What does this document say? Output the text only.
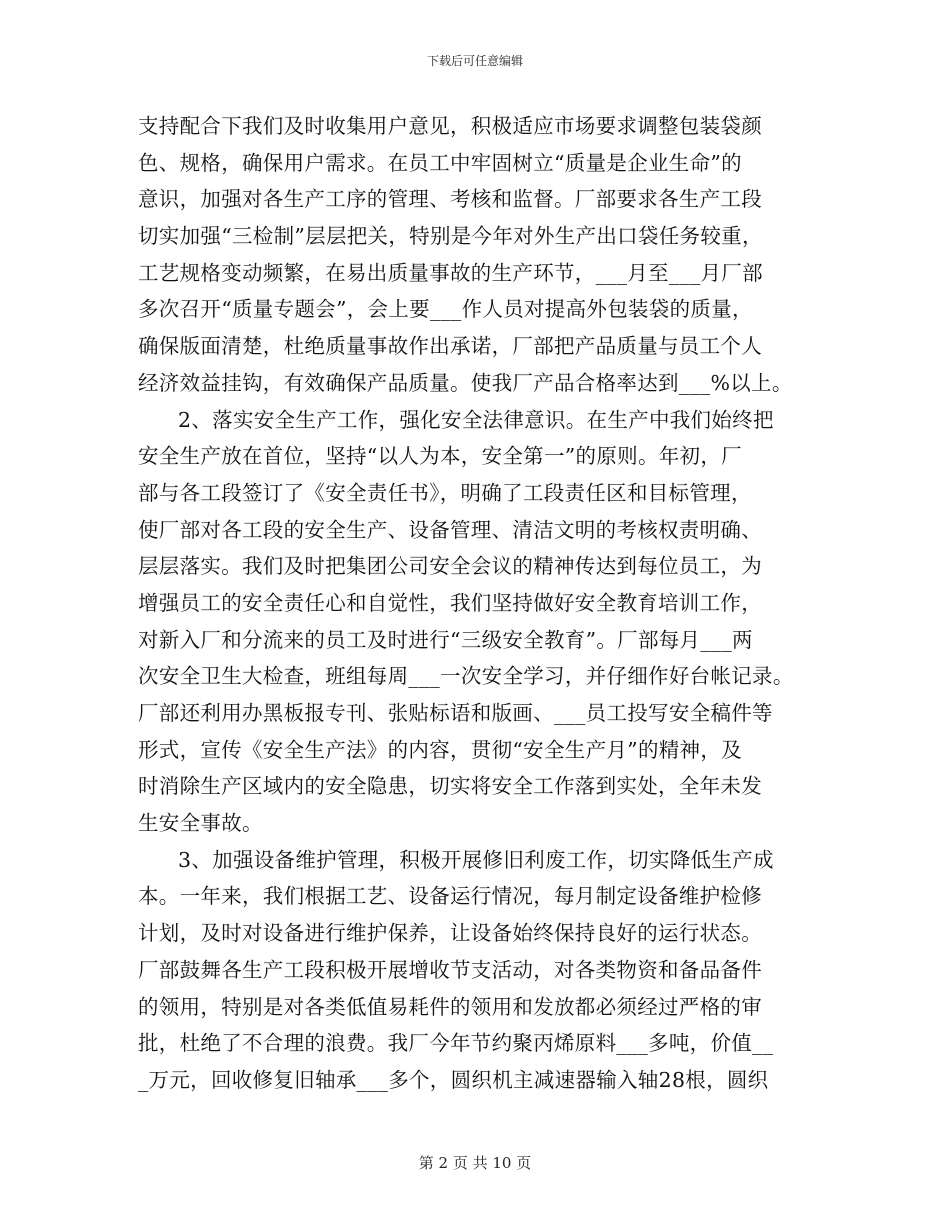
下载后可任意编辑
支持配合下我们及时收集用户意见，积极适应市场要求调整包装袋颜
色、规格，确保用户需求。在员工中牢固树立“质量是企业生命”的
意识，加强对各生产工序的管理、考核和监督。厂部要求各生产工段
切实加强“三检制”层层把关，特别是今年对外生产出口袋任务较重，
工艺规格变动频繁，在易出质量事故的生产环节，___月至___月厂部
多次召开“质量专题会”，会上要___作人员对提高外包装袋的质量，
确保版面清楚，杜绝质量事故作出承诺，厂部把产品质量与员工个人
经济效益挂钩，有效确保产品质量。使我厂产品合格率达到___%以上。
2、落实安全生产工作，强化安全法律意识。在生产中我们始终把
安全生产放在首位，坚持“以人为本，安全第一”的原则。年初，厂
部与各工段签订了《安全责任书》，明确了工段责任区和目标管理，
使厂部对各工段的安全生产、设备管理、清洁文明的考核权责明确、
层层落实。我们及时把集团公司安全会议的精神传达到每位员工，为
增强员工的安全责任心和自觉性，我们坚持做好安全教育培训工作，
对新入厂和分流来的员工及时进行“三级安全教育”。厂部每月___两
次安全卫生大检查，班组每周___一次安全学习，并仔细作好台帐记录。
厂部还利用办黑板报专刊、张贴标语和版画、___员工投写安全稿件等
形式，宣传《安全生产法》的内容，贯彻“安全生产月”的精神，及
时消除生产区域内的安全隐患，切实将安全工作落到实处，全年未发
生安全事故。
3、加强设备维护管理，积极开展修旧利废工作，切实降低生产成
本。一年来，我们根据工艺、设备运行情况，每月制定设备维护检修
计划，及时对设备进行维护保养，让设备始终保持良好的运行状态。
厂部鼓舞各生产工段积极开展增收节支活动，对各类物资和备品备件
的领用，特别是对各类低值易耗件的领用和发放都必须经过严格的审
批，杜绝了不合理的浪费。我厂今年节约聚丙烯原料___多吨，价值__
_万元，回收修复旧轴承___多个，圆织机主减速器输入轴28根，圆织
第 2 页 共 10 页
